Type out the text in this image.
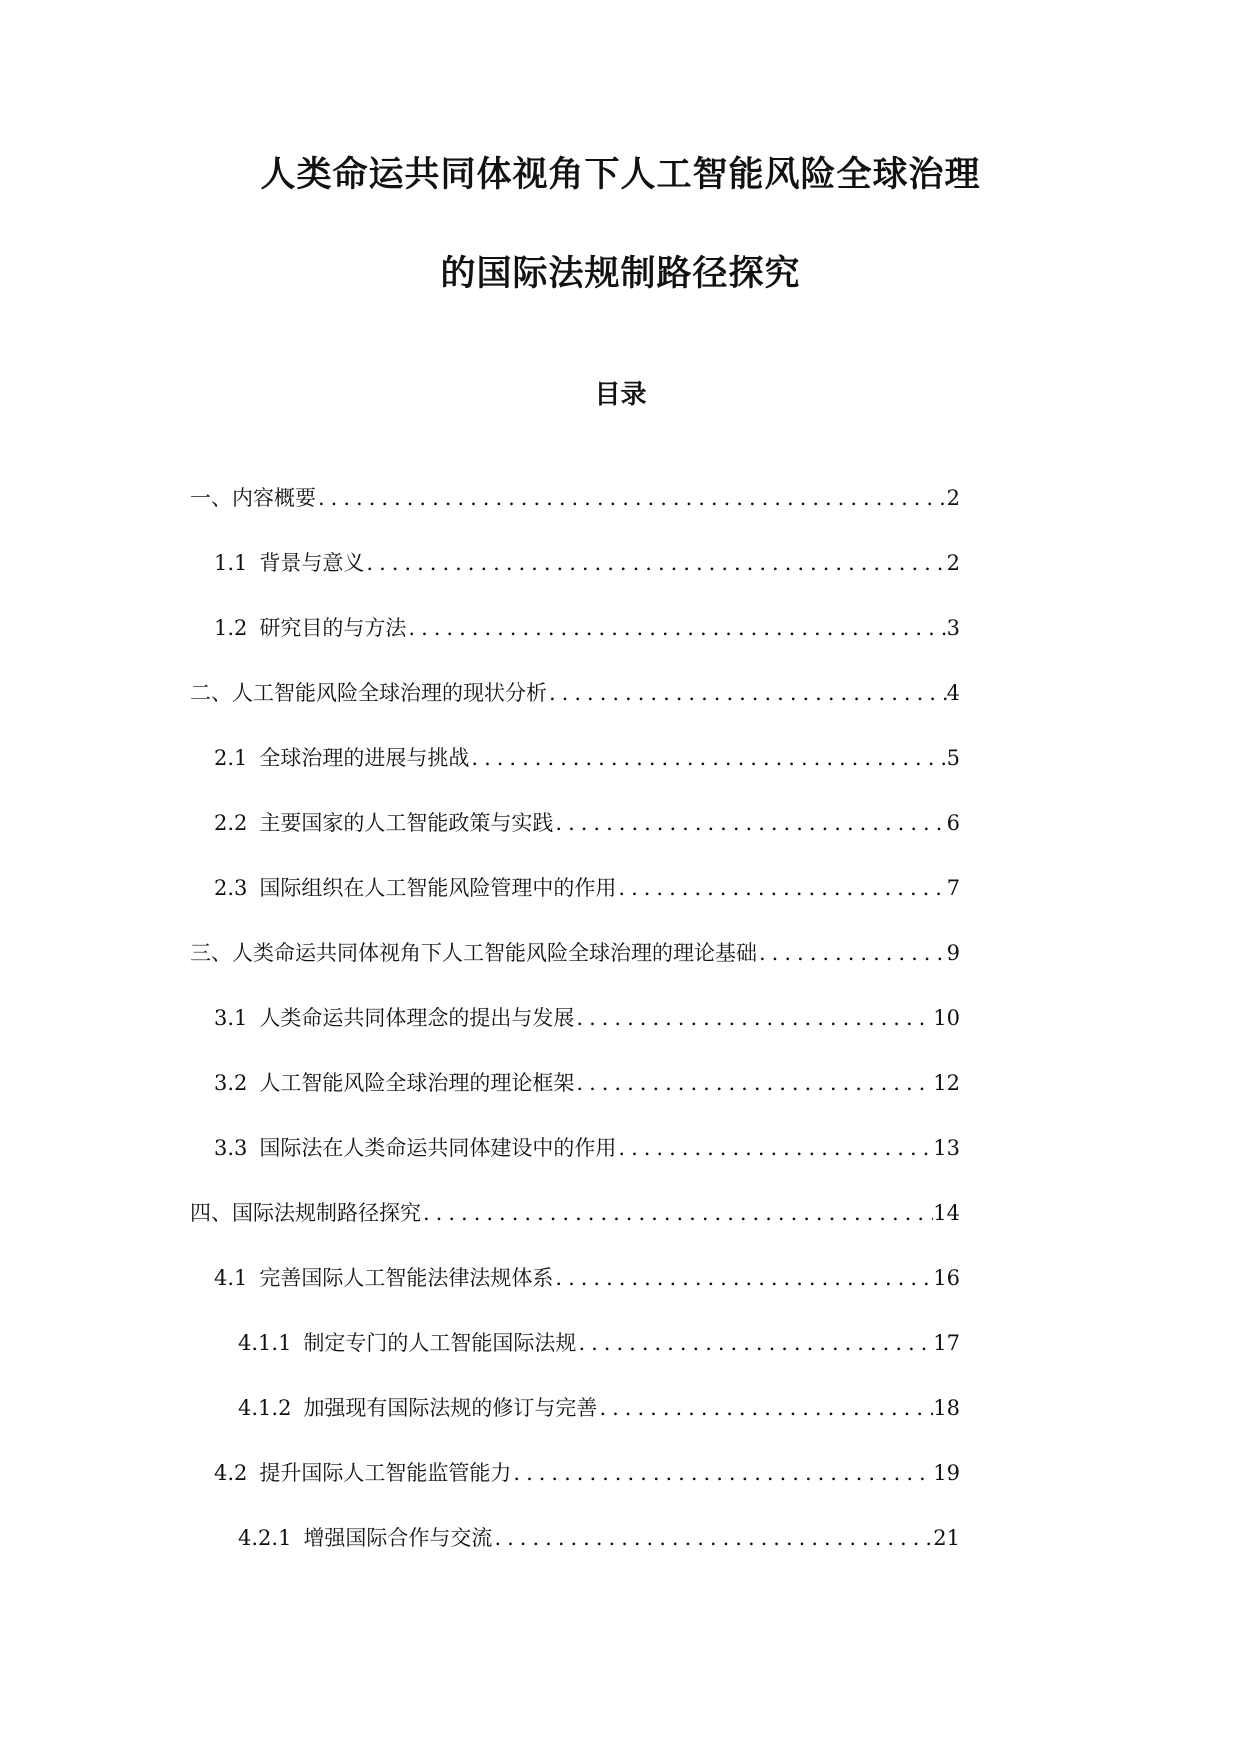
人类命运共同体视角下人工智能风险全球治理
的国际法规制路径探究
目录
一、 内容概要 .....	2
1.1 背景与意义 .....	2
1.2 研究目的与方法 .....	3
二、 人工智能风险全球治理的现状分析 .....	4
2.1 全球治理的进展与挑战 .....	5
2.2 主要国家的人工智能政策与实践 .....	6
2.3 国际组织在人工智能风险管理中的作用 .....	7
三、 人类命运共同体视角下人工智能风险全球治理的理论基础 .....	9
3.1 人类命运共同体理念的提出与发展 .....	10
3.2 人工智能风险全球治理的理论框架 .....	12
3.3 国际法在人类命运共同体建设中的作用 .....	13
四、 国际法规制路径探究 .....	14
4.1 完善国际人工智能法律法规体系 .....	16
4.1.1 制定专门的人工智能国际法规 .....	17
4.1.2 加强现有国际法规的修订与完善 .....	18
4.2 提升国际人工智能监管能力 .....	19
4.2.1 增强国际合作与交流 .....	21
